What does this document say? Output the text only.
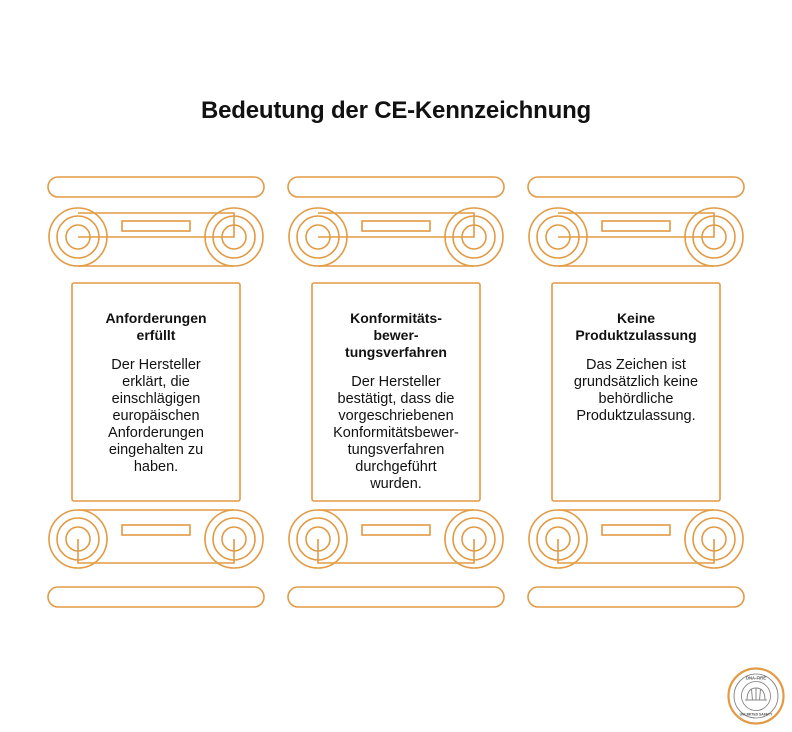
Bedeutung der CE-Kennzeichnung
Anforderungen
erfüllt
Der Hersteller
erklärt, die
einschlägigen
europäischen
Anforderungen
eingehalten zu
haben.
Konformitäts-
bewer-
tungsverfahren
Der Hersteller
bestätigt, dass die
vorgeschriebenen
Konformitätsbewer-
tungsverfahren
durchgeführt
wurden.
Keine
Produktzulassung
Das Zeichen ist
grundsätzlich keine
behördliche
Produktzulassung.
DNA-FIRE
UNLIMITED SAFETY
